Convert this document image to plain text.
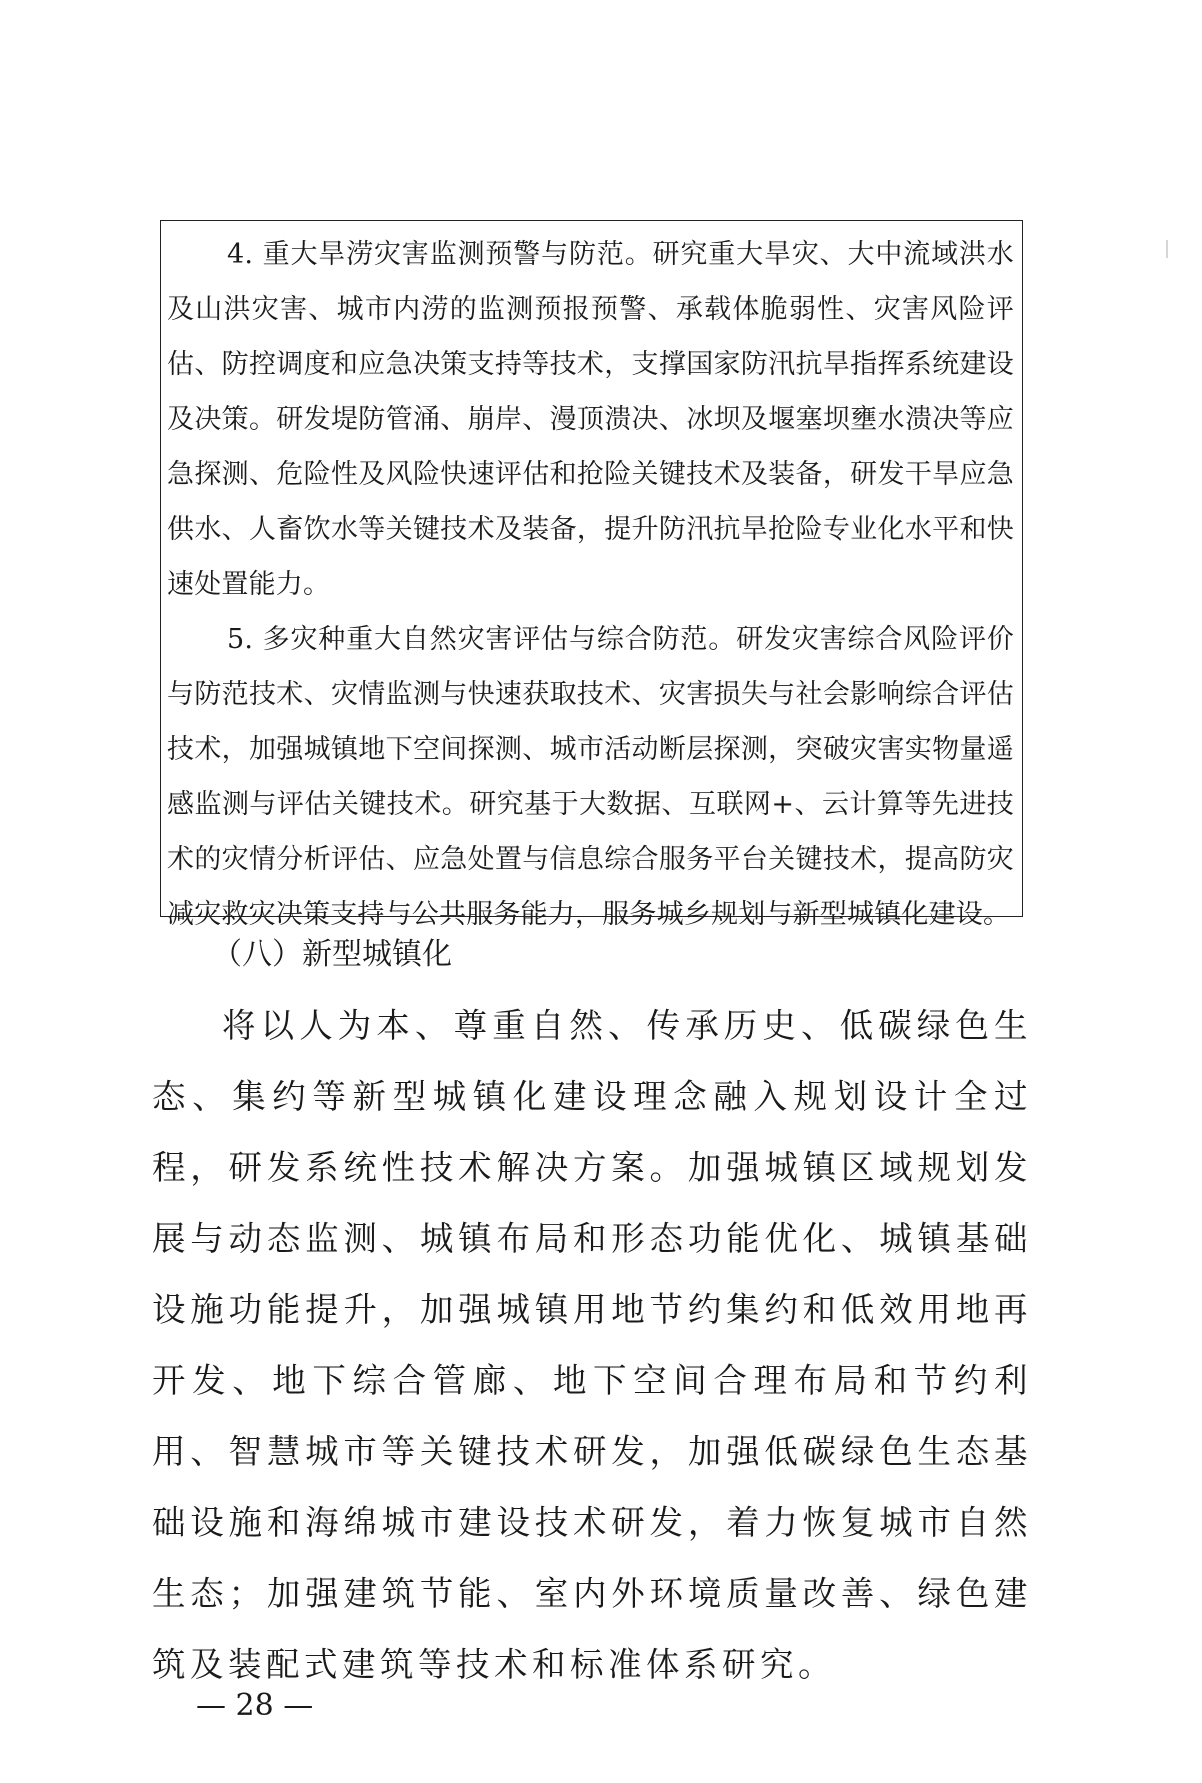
4. 重大旱涝灾害监测预警与防范。研究重大旱灾、大中流域洪水及山洪灾害、城市内涝的监测预报预警、承载体脆弱性、灾害风险评估、防控调度和应急决策支持等技术，支撑国家防汛抗旱指挥系统建设及决策。研发堤防管涌、崩岸、漫顶溃决、冰坝及堰塞坝壅水溃决等应急探测、危险性及风险快速评估和抢险关键技术及装备，研发干旱应急供水、人畜饮水等关键技术及装备，提升防汛抗旱抢险专业化水平和快速处置能力。

5. 多灾种重大自然灾害评估与综合防范。研发灾害综合风险评价与防范技术、灾情监测与快速获取技术、灾害损失与社会影响综合评估技术，加强城镇地下空间探测、城市活动断层探测，突破灾害实物量遥感监测与评估关键技术。研究基于大数据、互联网+、云计算等先进技术的灾情分析评估、应急处置与信息综合服务平台关键技术，提高防灾减灾救灾决策支持与公共服务能力，服务城乡规划与新型城镇化建设。

（八）新型城镇化

将以人为本、尊重自然、传承历史、低碳绿色生态、集约等新型城镇化建设理念融入规划设计全过程，研发系统性技术解决方案。加强城镇区域规划发展与动态监测、城镇布局和形态功能优化、城镇基础设施功能提升，加强城镇用地节约集约和低效用地再开发、地下综合管廊、地下空间合理布局和节约利用、智慧城市等关键技术研发，加强低碳绿色生态基础设施和海绵城市建设技术研发，着力恢复城市自然生态；加强建筑节能、室内外环境质量改善、绿色建筑及装配式建筑等技术和标准体系研究。

— 28 —
